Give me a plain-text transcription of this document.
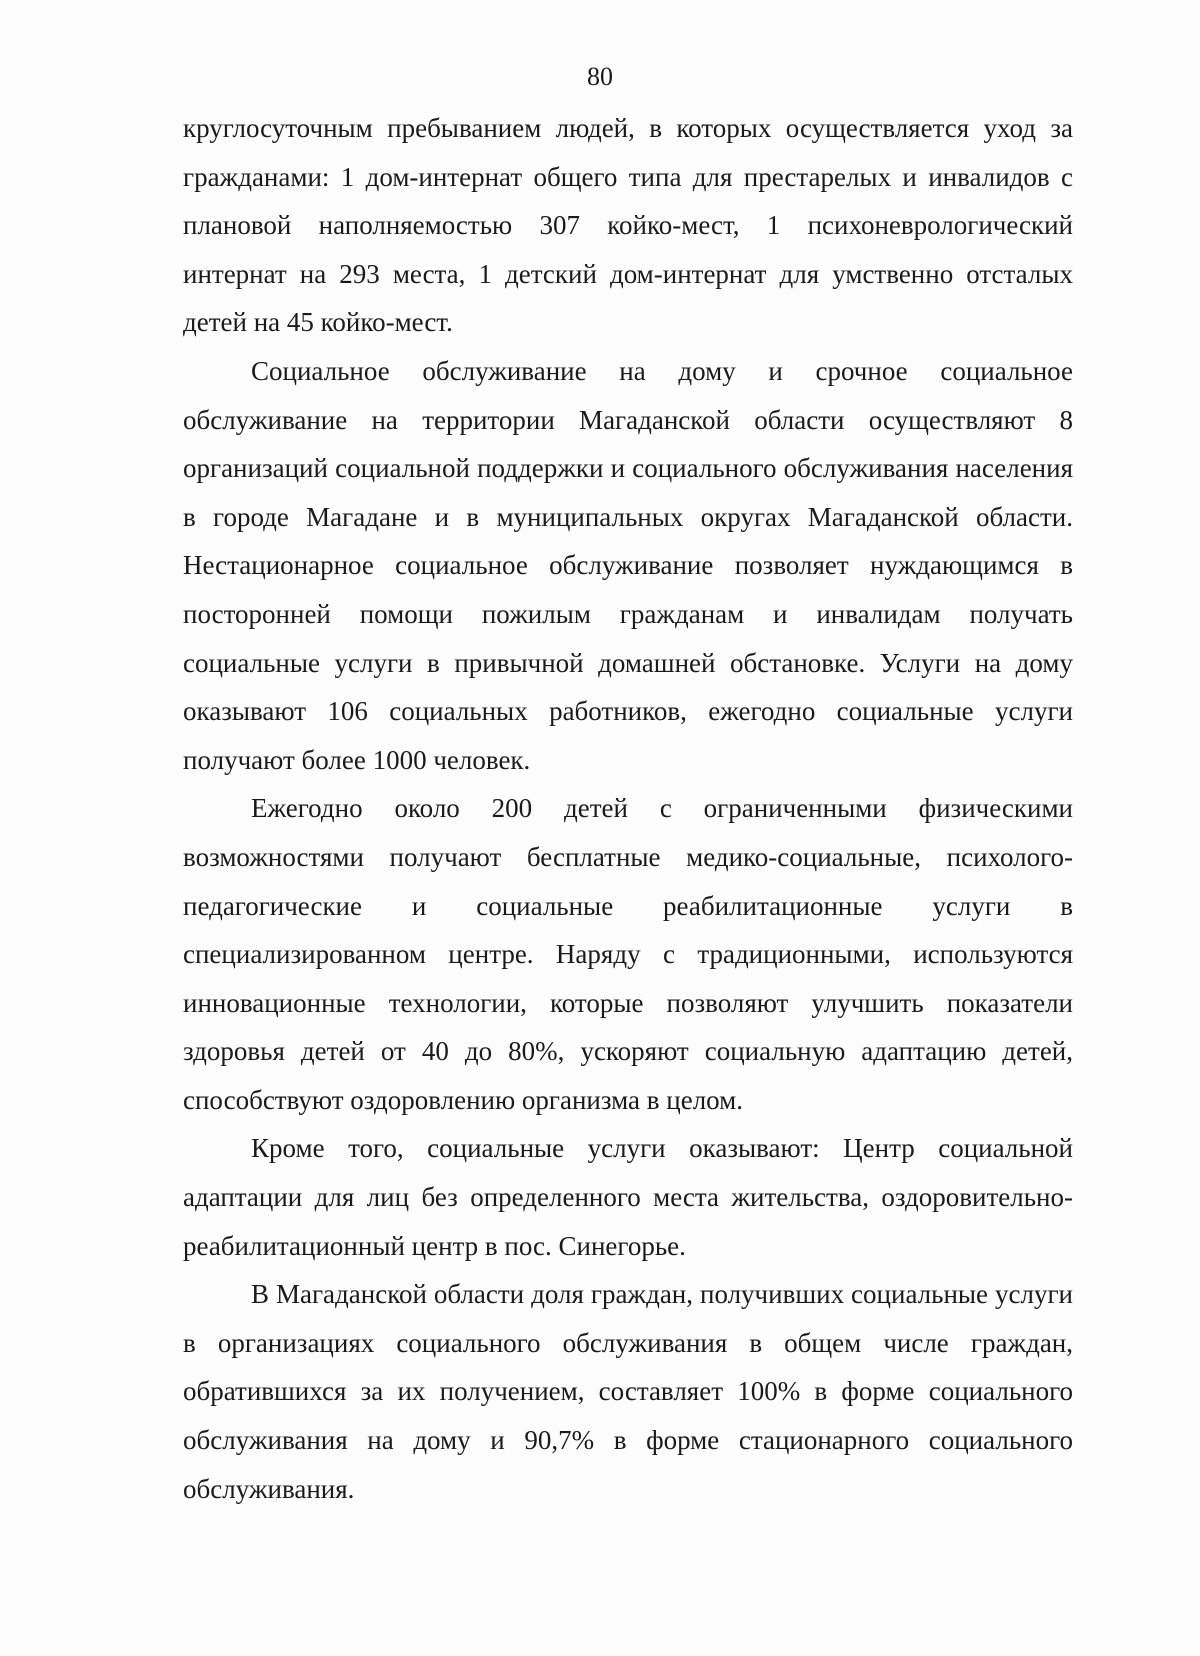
80

круглосуточным пребыванием людей, в которых осуществляется уход за гражданами: 1 дом-интернат общего типа для престарелых и инвалидов с плановой наполняемостью 307 койко-мест, 1 психоневрологический интернат на 293 места, 1 детский дом-интернат для умственно отсталых детей на 45 койко-мест.

Социальное обслуживание на дому и срочное социальное обслуживание на территории Магаданской области осуществляют 8 организаций социальной поддержки и социального обслуживания населения в городе Магадане и в муниципальных округах Магаданской области. Нестационарное социальное обслуживание позволяет нуждающимся в посторонней помощи пожилым гражданам и инвалидам получать социальные услуги в привычной домашней обстановке. Услуги на дому оказывают 106 социальных работников, ежегодно социальные услуги получают более 1000 человек.

Ежегодно около 200 детей с ограниченными физическими возможностями получают бесплатные медико-социальные, психолого-педагогические и социальные реабилитационные услуги в специализированном центре. Наряду с традиционными, используются инновационные технологии, которые позволяют улучшить показатели здоровья детей от 40 до 80%, ускоряют социальную адаптацию детей, способствуют оздоровлению организма в целом.

Кроме того, социальные услуги оказывают: Центр социальной адаптации для лиц без определенного места жительства, оздоровительно-реабилитационный центр в пос. Синегорье.

В Магаданской области доля граждан, получивших социальные услуги в организациях социального обслуживания в общем числе граждан, обратившихся за их получением, составляет 100% в форме социального обслуживания на дому и 90,7% в форме стационарного социального обслуживания.
